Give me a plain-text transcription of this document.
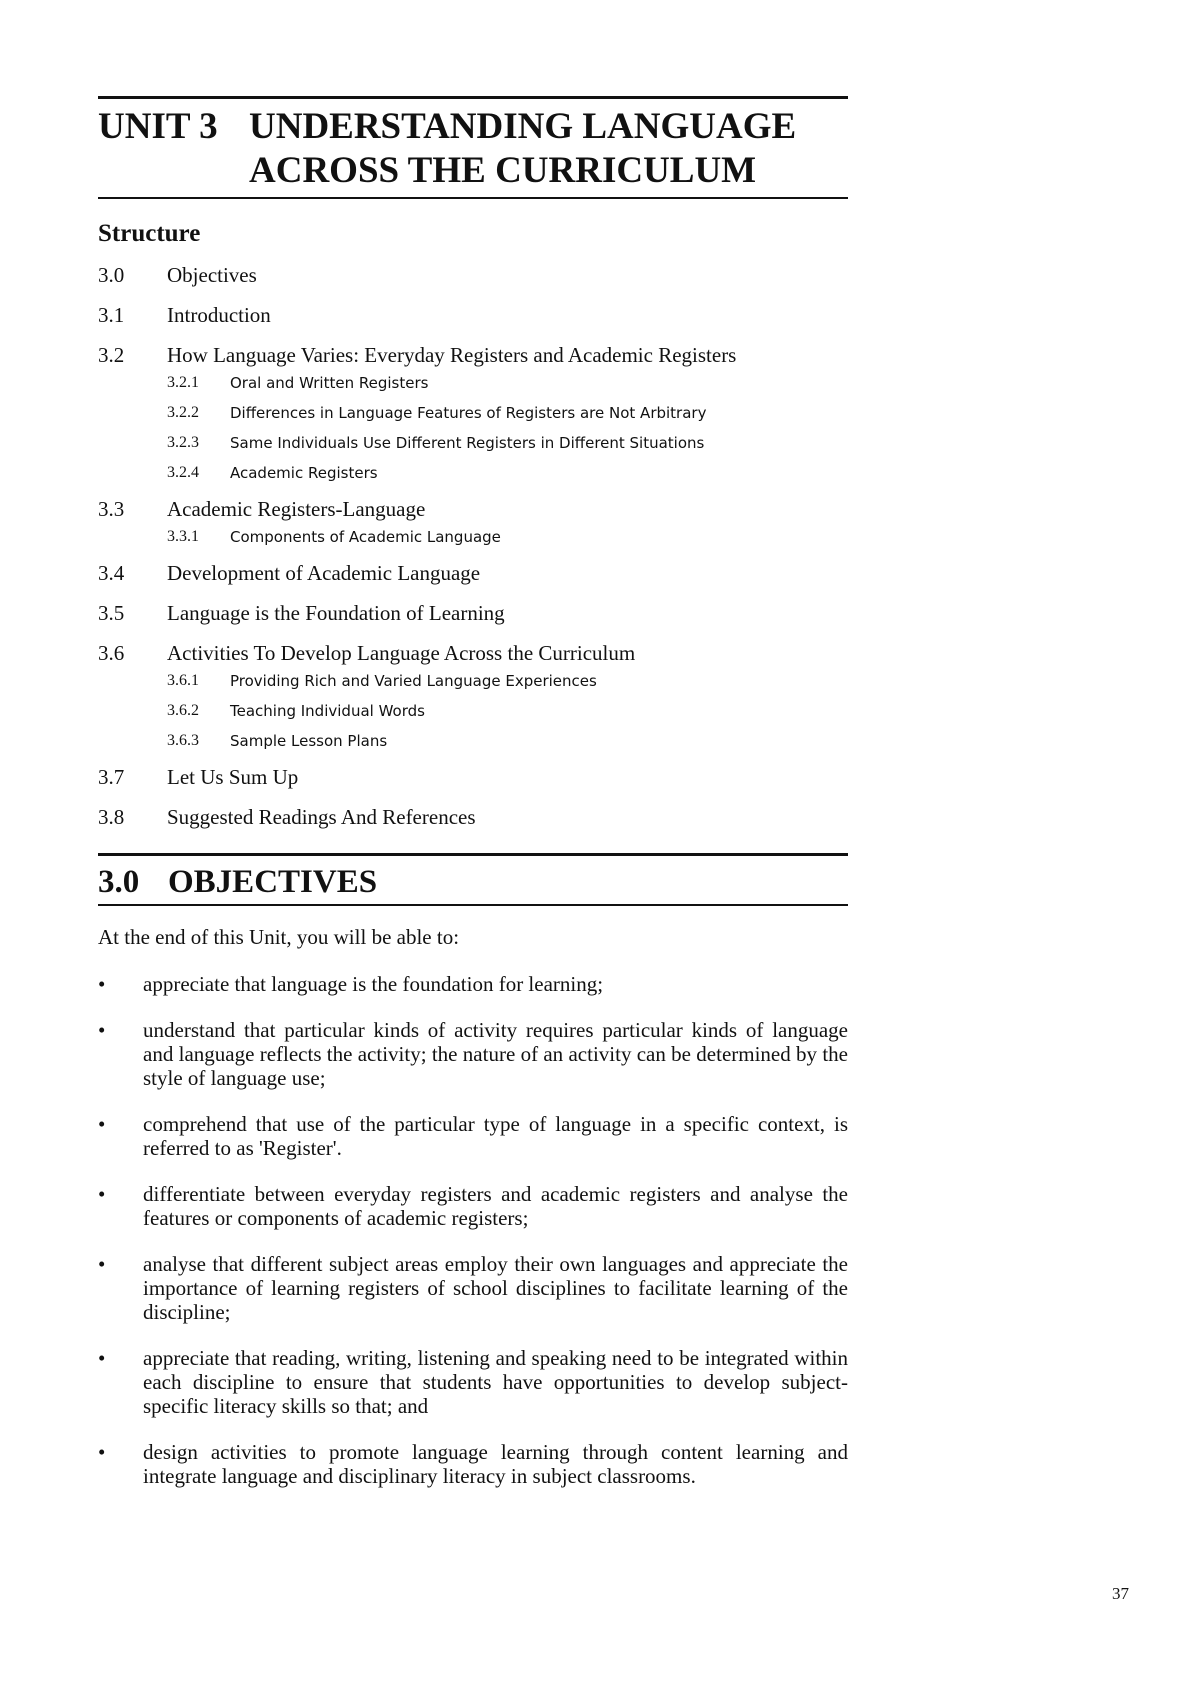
UNIT 3 UNDERSTANDING LANGUAGE
ACROSS THE CURRICULUM
Structure
3.0 Objectives
3.1 Introduction
3.2 How Language Varies: Everyday Registers and Academic Registers
3.2.1 Oral and Written Registers
3.2.2 Differences in Language Features of Registers are Not Arbitrary
3.2.3 Same Individuals Use Different Registers in Different Situations
3.2.4 Academic Registers
3.3 Academic Registers-Language
3.3.1 Components of Academic Language
3.4 Development of Academic Language
3.5 Language is the Foundation of Learning
3.6 Activities To Develop Language Across the Curriculum
3.6.1 Providing Rich and Varied Language Experiences
3.6.2 Teaching Individual Words
3.6.3 Sample Lesson Plans
3.7 Let Us Sum Up
3.8 Suggested Readings And References
3.0 OBJECTIVES
At the end of this Unit, you will be able to:
• appreciate that language is the foundation for learning;
• understand that particular kinds of activity requires particular kinds of language and language reflects the activity; the nature of an activity can be determined by the style of language use;
• comprehend that use of the particular type of language in a specific context, is referred to as 'Register'.
• differentiate between everyday registers and academic registers and analyse the features or components of academic registers;
• analyse that different subject areas employ their own languages and appreciate the importance of learning registers of school disciplines to facilitate learning of the discipline;
• appreciate that reading, writing, listening and speaking need to be integrated within each discipline to ensure that students have opportunities to develop subject-specific literacy skills so that; and
• design activities to promote language learning through content learning and integrate language and disciplinary literacy in subject classrooms.
37
